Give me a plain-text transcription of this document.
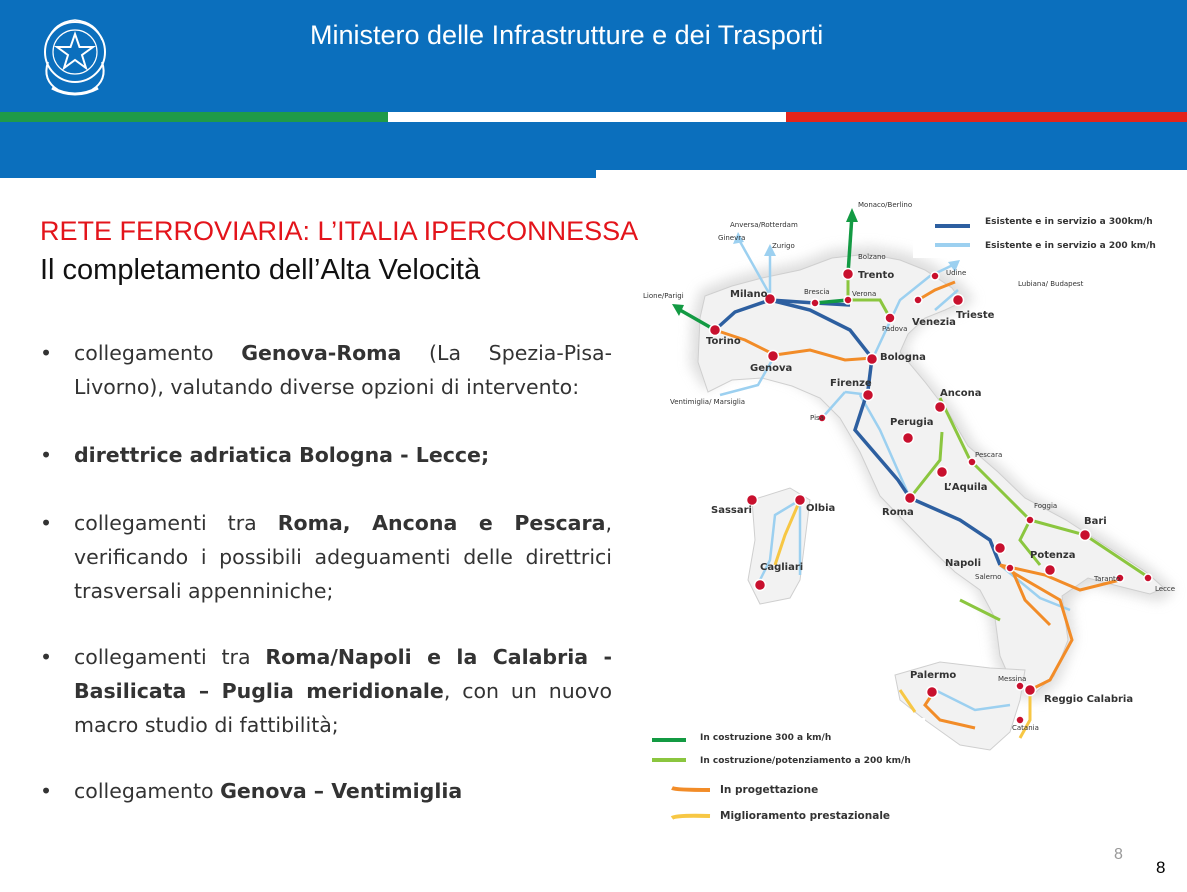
Ministero delle Infrastrutture e dei Trasporti
RETE FERROVIARIA: L’ITALIA IPERCONNESSA
Il completamento dell’Alta Velocità
• collegamento Genova-Roma (La Spezia-Pisa-Livorno), valutando diverse opzioni di intervento:
• direttrice adriatica Bologna - Lecce;
• collegamenti tra Roma, Ancona e Pescara, verificando i possibili adeguamenti delle direttrici trasversali appenniniche;
• collegamenti tra Roma/Napoli e la Calabria - Basilicata – Puglia meridionale, con un nuovo macro studio di fattibilità;
• collegamento Genova – Ventimiglia
Monaco/Berlino
Anversa/Rotterdam
Ginevra
Zurigo
Lione/Parigi	Milano	Brescia
Bolzano
Trento
Verona
Udine
Lubiana/ Budapest
Padova
Venezia
Trieste
Torino
Genova
Bologna
Firenze
Ventimiglia/ Marsiglia
Pisa
Ancona
Perugia
Pescara
L’Aquila
Roma
Foggia
Bari
Sassari	Olbia
Cagliari	Napoli
Salerno
Potenza
Taranto
Lecce
Palermo	Messina
Reggio Calabria
Catania
Esistente e in servizio a 300km/h
Esistente e in servizio a 200 km/h
In costruzione 300 a km/h
In costruzione/potenziamento a 200 km/h
In progettazione
Miglioramento prestazionale
8
8
